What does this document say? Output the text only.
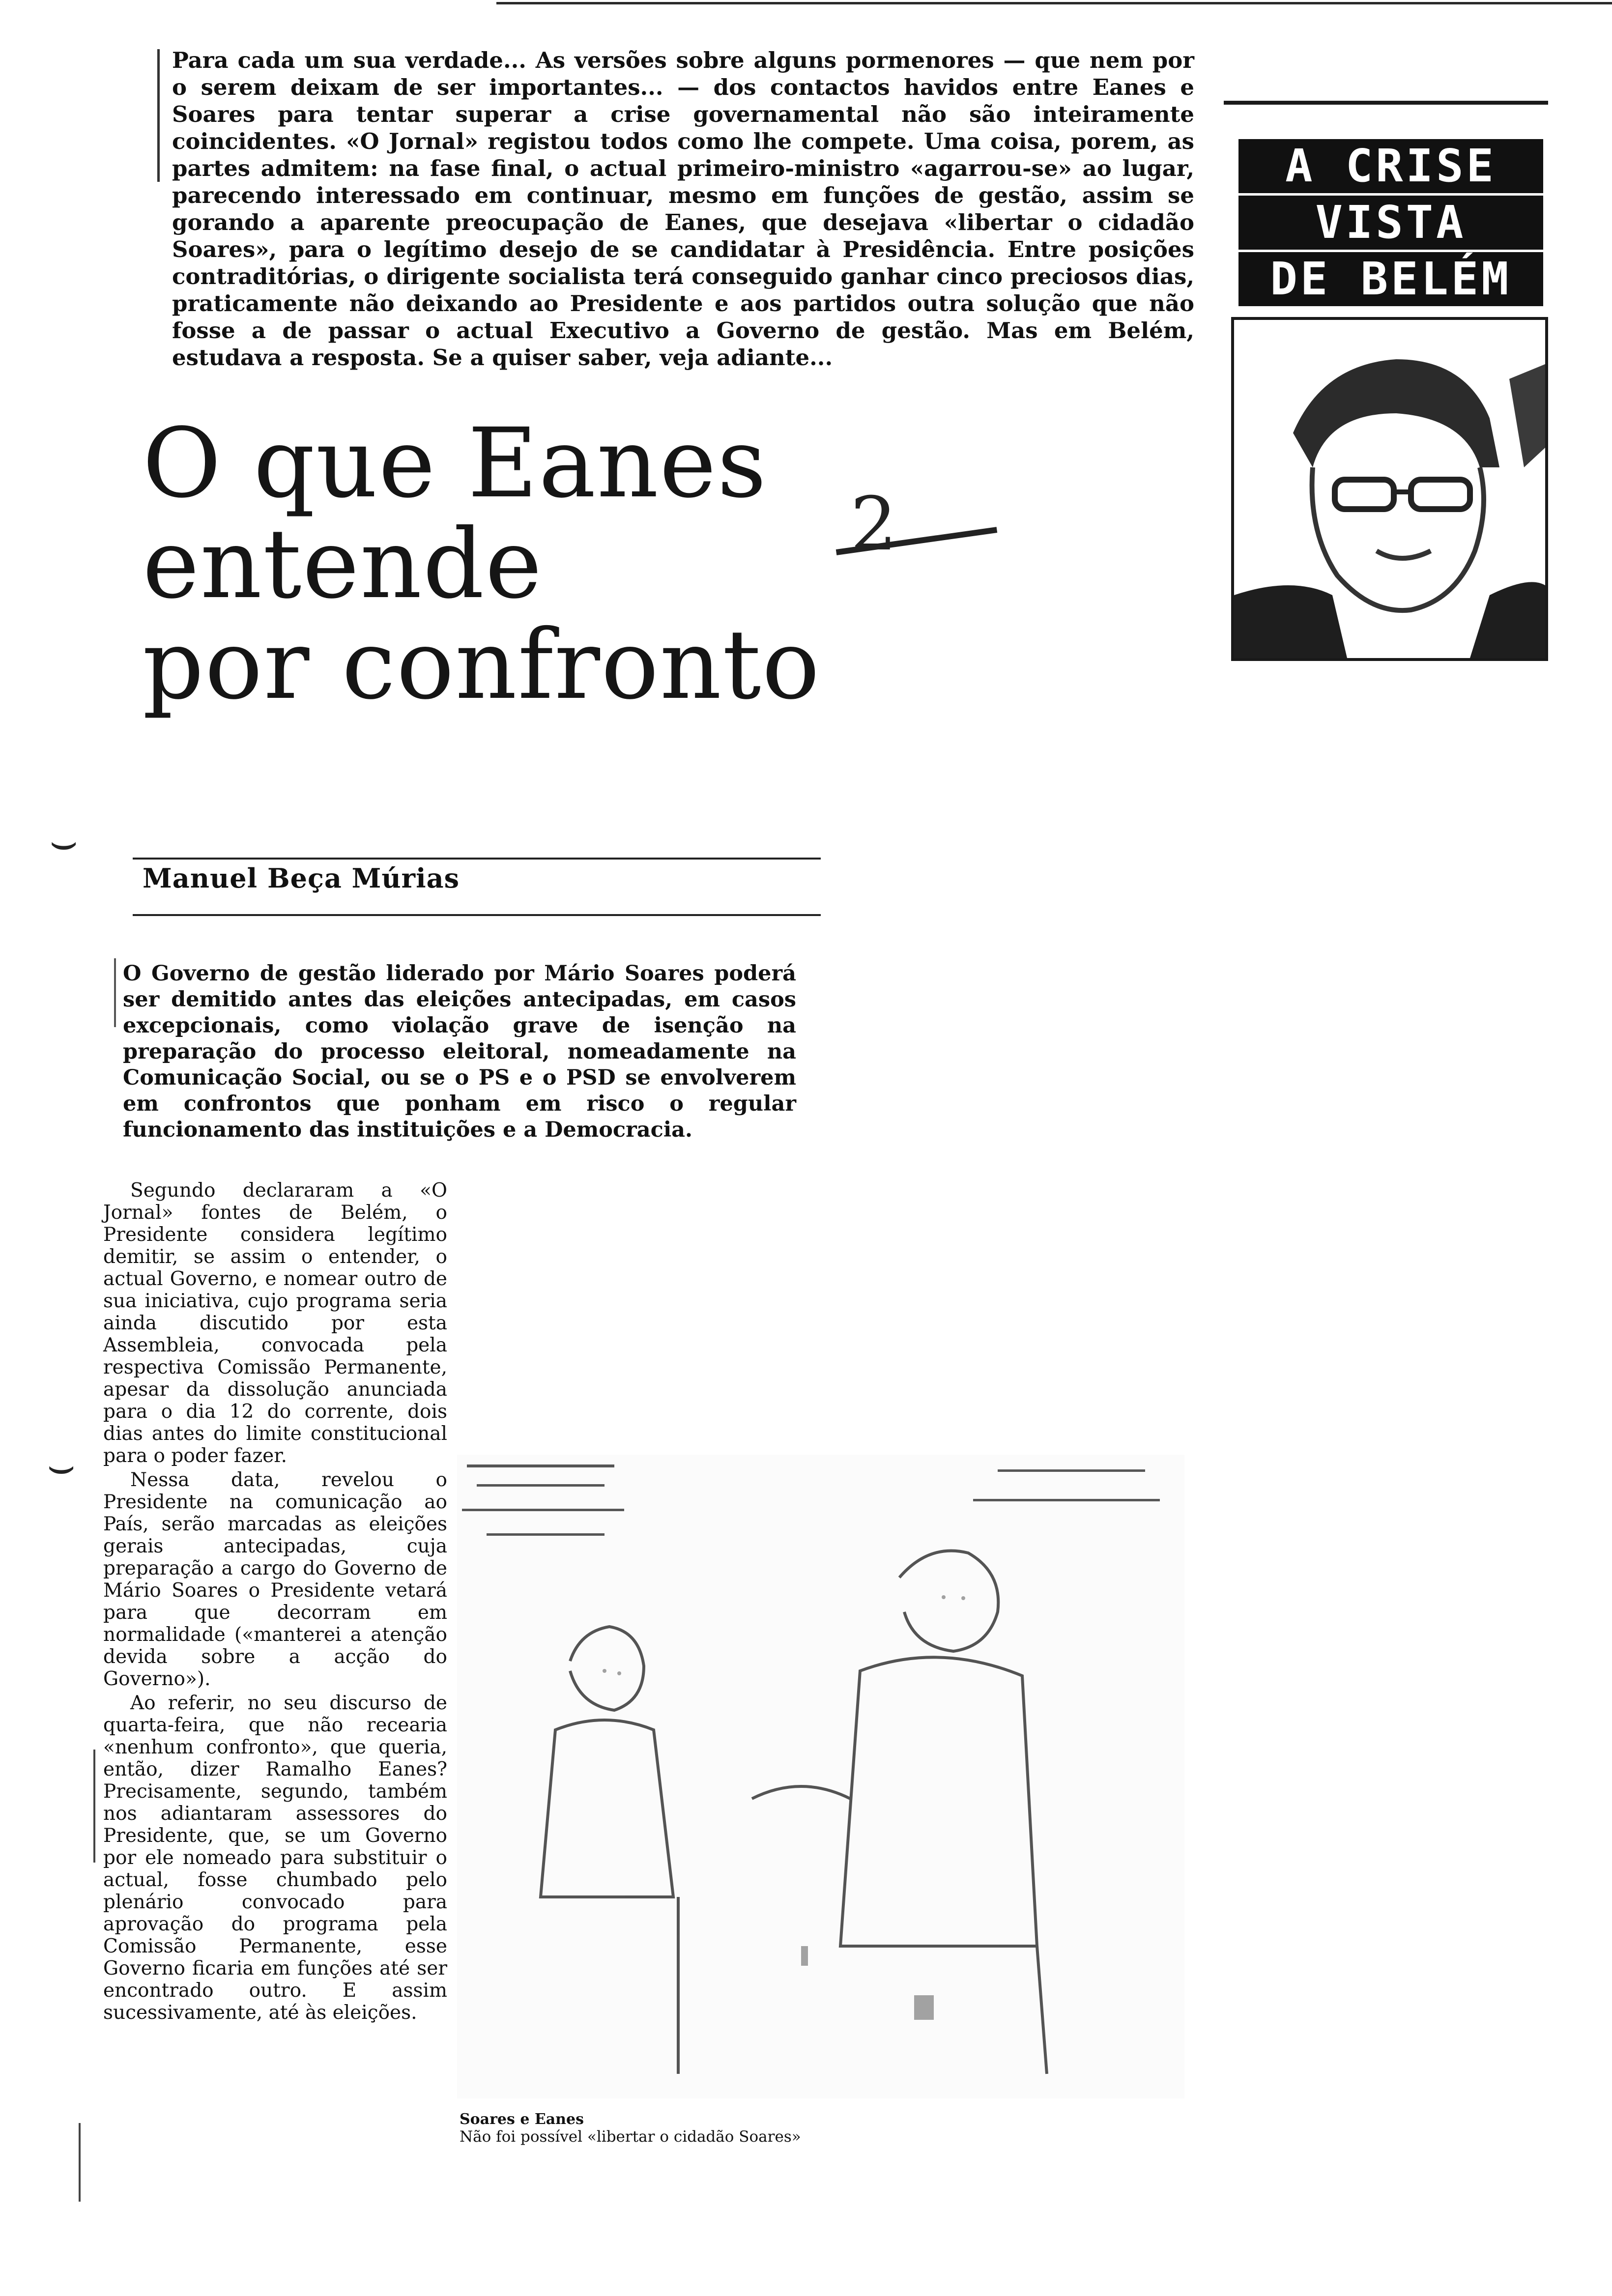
Para cada um sua verdade... As versões sobre alguns pormenores — que nem por o serem deixam de ser importantes... — dos contactos havidos entre Eanes e Soares para tentar superar a crise governamental não são inteiramente coincidentes. «O Jornal» registou todos como lhe compete. Uma coisa, porem, as partes admitem: na fase final, o actual primeiro-ministro «agarrou-se» ao lugar, parecendo interessado em continuar, mesmo em funções de gestão, assim se gorando a aparente preocupação de Eanes, que desejava «libertar o cidadão Soares», para o legítimo desejo de se candidatar à Presidência. Entre posições contraditórias, o dirigente socialista terá conseguido ganhar cinco preciosos dias, praticamente não deixando ao Presidente e aos partidos outra solução que não fosse a de passar o actual Executivo a Governo de gestão. Mas em Belém, estudava a resposta. Se a quiser saber, veja adiante...
A CRISE
VISTA
DE BELÉM
O que Eanes
entende
por confronto
2
⌣
⌣
Manuel Beça Múrias
O Governo de gestão liderado por Mário Soares poderá ser demitido antes das eleições antecipadas, em casos excepcionais, como violação grave de isenção na preparação do processo eleitoral, nomeadamente na Comunicação Social, ou se o PS e o PSD se envolverem em confrontos que ponham em risco o regular funcionamento das instituições e a Democracia.

Segundo declararam a «O Jornal» fontes de Belém, o Presidente considera legítimo demitir, se assim o entender, o actual Governo, e nomear outro de sua iniciativa, cujo programa seria ainda discutido por esta Assembleia, convocada pela respectiva Comissão Permanente, apesar da dissolução anunciada para o dia 12 do corrente, dois dias antes do limite constitucional para o poder fazer.

Nessa data, revelou o Presidente na comunicação ao País, serão marcadas as eleições gerais antecipadas, cuja preparação a cargo do Governo de Mário Soares o Presidente vetará para que decorram em normalidade («manterei a atenção devida sobre a acção do Governo»).

Ao referir, no seu discurso de quarta-feira, que não recearia «nenhum confronto», que queria, então, dizer Ramalho Eanes? Precisamente, segundo, também nos adiantaram assessores do Presidente, que, se um Governo por ele nomeado para substituir o actual, fosse chumbado pelo plenário convocado para aprovação do programa pela Comissão Permanente, esse Governo ficaria em funções até ser encontrado outro. E assim sucessivamente, até às eleições.

Soares e Eanes
Não foi possível «libertar o cidadão Soares»
